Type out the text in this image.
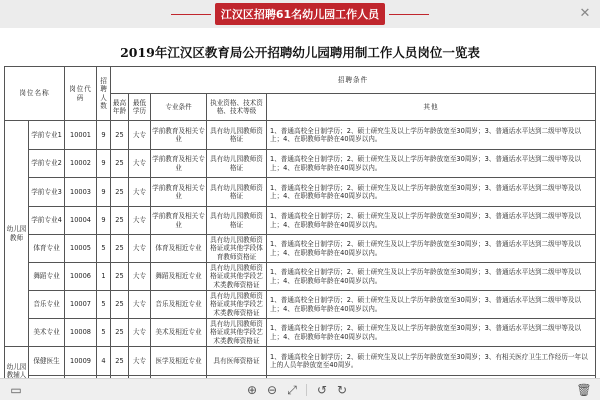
江汉区招聘61名幼儿园工作人员	✕
2019年江汉区教育局公开招聘幼儿园聘用制工作人员岗位一览表
岗位名称		岗位代码	招聘人数	招聘条件				
				最高年龄	最低学历	专业条件	执业资格、技术资格、技术等级	其他
幼儿园教师	学前专业1	10001	9	25	大专	学前教育及相关专业	具有幼儿园教师资格证	1、普通高校全日制学历；2、硕士研究生及以上学历年龄放宽至30周岁；3、普通话水平达到二级甲等及以上；4、在职教师年龄在40周岁以内。
	学前专业2	10002	9	25	大专	学前教育及相关专业	具有幼儿园教师资格证	1、普通高校全日制学历；2、硕士研究生及以上学历年龄放宽至30周岁；3、普通话水平达到二级甲等及以上；4、在职教师年龄在40周岁以内。
	学前专业3	10003	9	25	大专	学前教育及相关专业	具有幼儿园教师资格证	1、普通高校全日制学历；2、硕士研究生及以上学历年龄放宽至30周岁；3、普通话水平达到二级甲等及以上；4、在职教师年龄在40周岁以内。
	学前专业4	10004	9	25	大专	学前教育及相关专业	具有幼儿园教师资格证	1、普通高校全日制学历；2、硕士研究生及以上学历年龄放宽至30周岁；3、普通话水平达到二级甲等及以上；4、在职教师年龄在40周岁以内。
	体育专业	10005	5	25	大专	体育及相近专业	具有幼儿园教师资格证或其他学段体育教师资格证	1、普通高校全日制学历；2、硕士研究生及以上学历年龄放宽至30周岁；3、普通话水平达到二级甲等及以上；4、在职教师年龄在40周岁以内。
	舞蹈专业	10006	1	25	大专	舞蹈及相近专业	具有幼儿园教师资格证或其他学段艺术类教师资格证	1、普通高校全日制学历；2、硕士研究生及以上学历年龄放宽至30周岁；3、普通话水平达到二级甲等及以上；4、在职教师年龄在40周岁以内。
	音乐专业	10007	5	25	大专	音乐及相近专业	具有幼儿园教师资格证或其他学段艺术类教师资格证	1、普通高校全日制学历；2、硕士研究生及以上学历年龄放宽至30周岁；3、普通话水平达到二级甲等及以上；4、在职教师年龄在40周岁以内。
	美术专业	10008	5	25	大专	美术及相近专业	具有幼儿园教师资格证或其他学段艺术类教师资格证	1、普通高校全日制学历；2、硕士研究生及以上学历年龄放宽至30周岁；3、普通话水平达到二级甲等及以上；4、在职教师年龄在40周岁以内。
幼儿园教辅人	保健医生	10009	4	25	大专	医学及相近专业	具有医师资格证	1、普通高校全日制学历；2、硕士研究生及以上学历年龄放宽至30周岁；3、有相关医疗卫生工作经历一年以上的人员年龄放宽至40周岁。

▭	⊕ ⊖ ⤢ ↺ ↻	🗑
